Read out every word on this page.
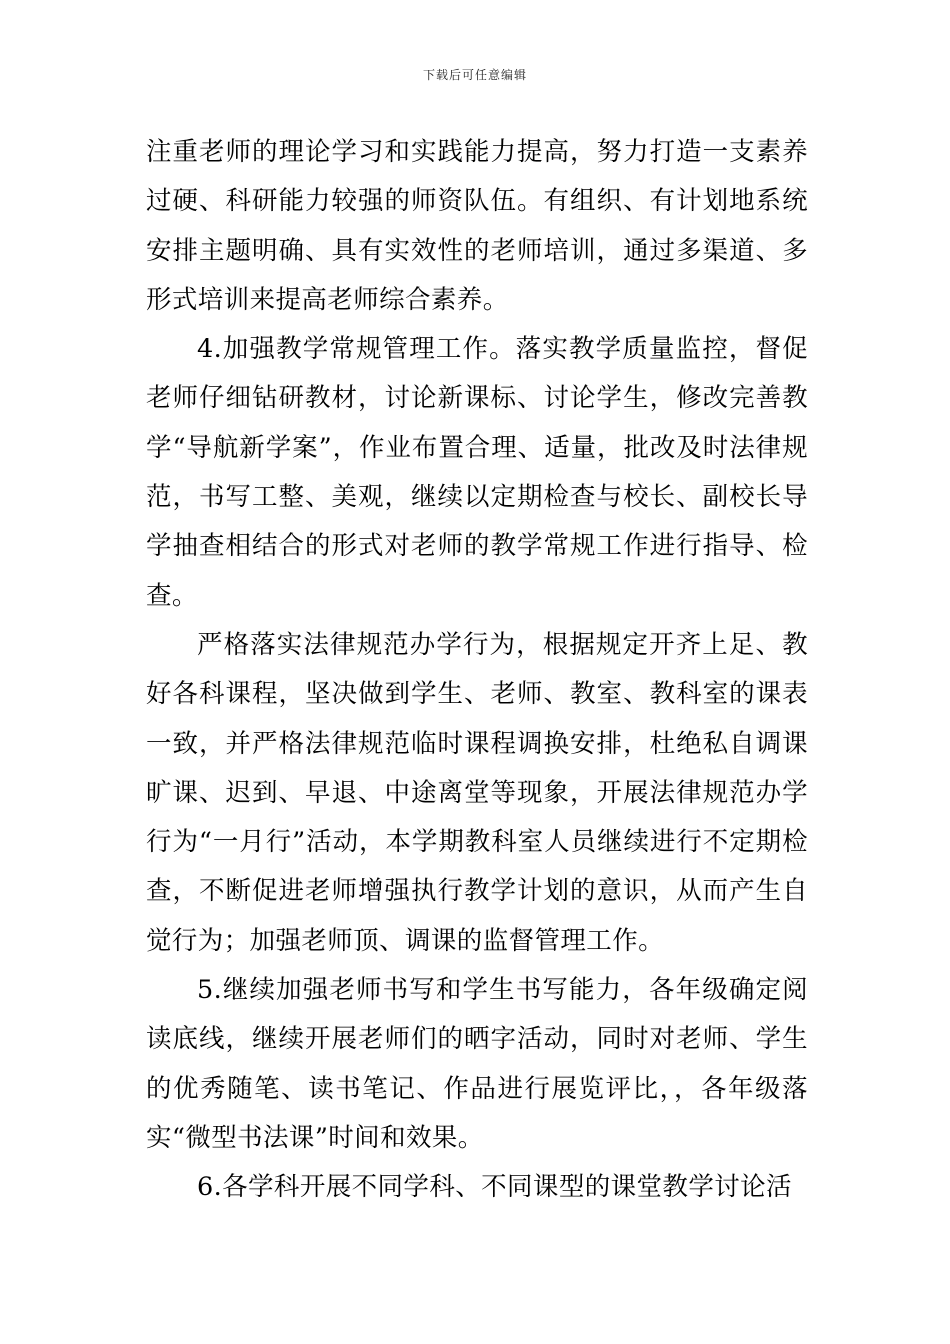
下载后可任意编辑

注重老师的理论学习和实践能力提高，努力打造一支素养过硬、科研能力较强的师资队伍。有组织、有计划地系统安排主题明确、具有实效性的老师培训，通过多渠道、多形式培训来提高老师综合素养。

4.加强教学常规管理工作。落实教学质量监控，督促老师仔细钻研教材，讨论新课标、讨论学生，修改完善教学“导航新学案”，作业布置合理、适量，批改及时法律规范，书写工整、美观，继续以定期检查与校长、副校长导学抽查相结合的形式对老师的教学常规工作进行指导、检查。

严格落实法律规范办学行为，根据规定开齐上足、教好各科课程，坚决做到学生、老师、教室、教科室的课表一致，并严格法律规范临时课程调换安排，杜绝私自调课旷课、迟到、早退、中途离堂等现象，开展法律规范办学行为“一月行”活动，本学期教科室人员继续进行不定期检查，不断促进老师增强执行教学计划的意识，从而产生自觉行为；加强老师顶、调课的监督管理工作。

5.继续加强老师书写和学生书写能力，各年级确定阅读底线，继续开展老师们的晒字活动，同时对老师、学生的优秀随笔、读书笔记、作品进行展览评比，，各年级落实“微型书法课”时间和效果。

6.各学科开展不同学科、不同课型的课堂教学讨论活
